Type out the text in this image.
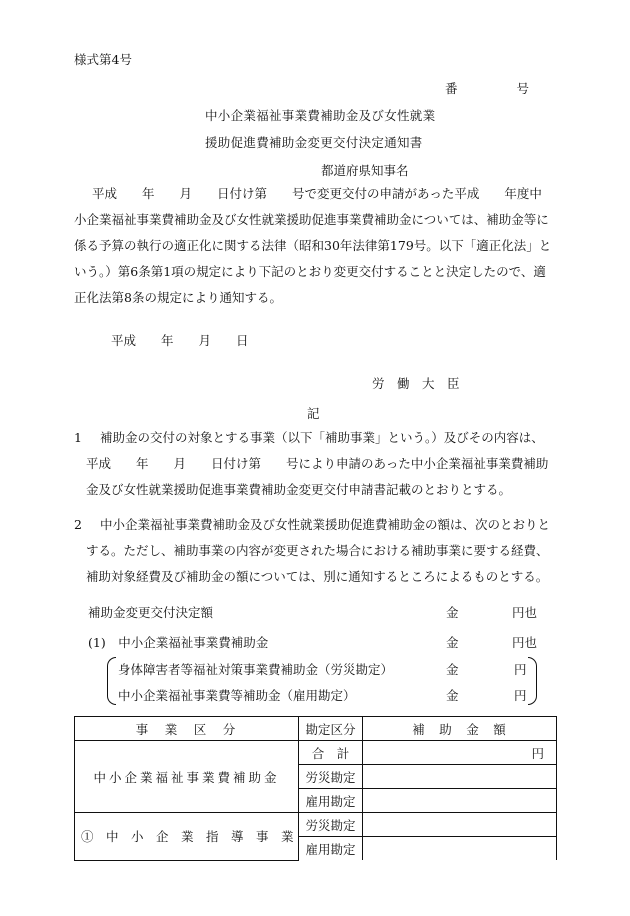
様式第4号
番	号
中小企業福祉事業費補助金及び女性就業
援助促進費補助金変更交付決定通知書
都道府県知事名
平成　　年　　月　　日付け第　　号で変更交付の申請があった平成　　年度中小企業福祉事業費補助金及び女性就業援助促進事業費補助金については、補助金等に係る予算の執行の適正化に関する法律（昭和30年法律第179号。以下「適正化法」という。）第6条第1項の規定により下記のとおり変更交付することと決定したので、適正化法第8条の規定により通知する。
平成　　年　　月　　日
労　働　大　臣
記
1	補助金の交付の対象とする事業（以下「補助事業」という。）及びその内容は、平成　　年　　月　　日付け第　　号により申請のあった中小企業福祉事業費補助金及び女性就業援助促進事業費補助金変更交付申請書記載のとおりとする。
2	中小企業福祉事業費補助金及び女性就業援助促進費補助金の額は、次のとおりとする。ただし、補助事業の内容が変更された場合における補助事業に要する経費、補助対象経費及び補助金の額については、別に通知するところによるものとする。
補助金変更交付決定額	金	円也
(1)　中小企業福祉事業費補助金	金	円也
身体障害者等福祉対策事業費補助金（労災勘定）	金	円
中小企業福祉事業費等補助金（雇用勘定）	金	円
事　業　区　分	勘定区分	補　助　金　額
中小企業福祉事業費補助金	合　計	円
	労災勘定	
	雇用勘定	
①　中　小　企　業　指　導　事　業	労災勘定	
	雇用勘定	
